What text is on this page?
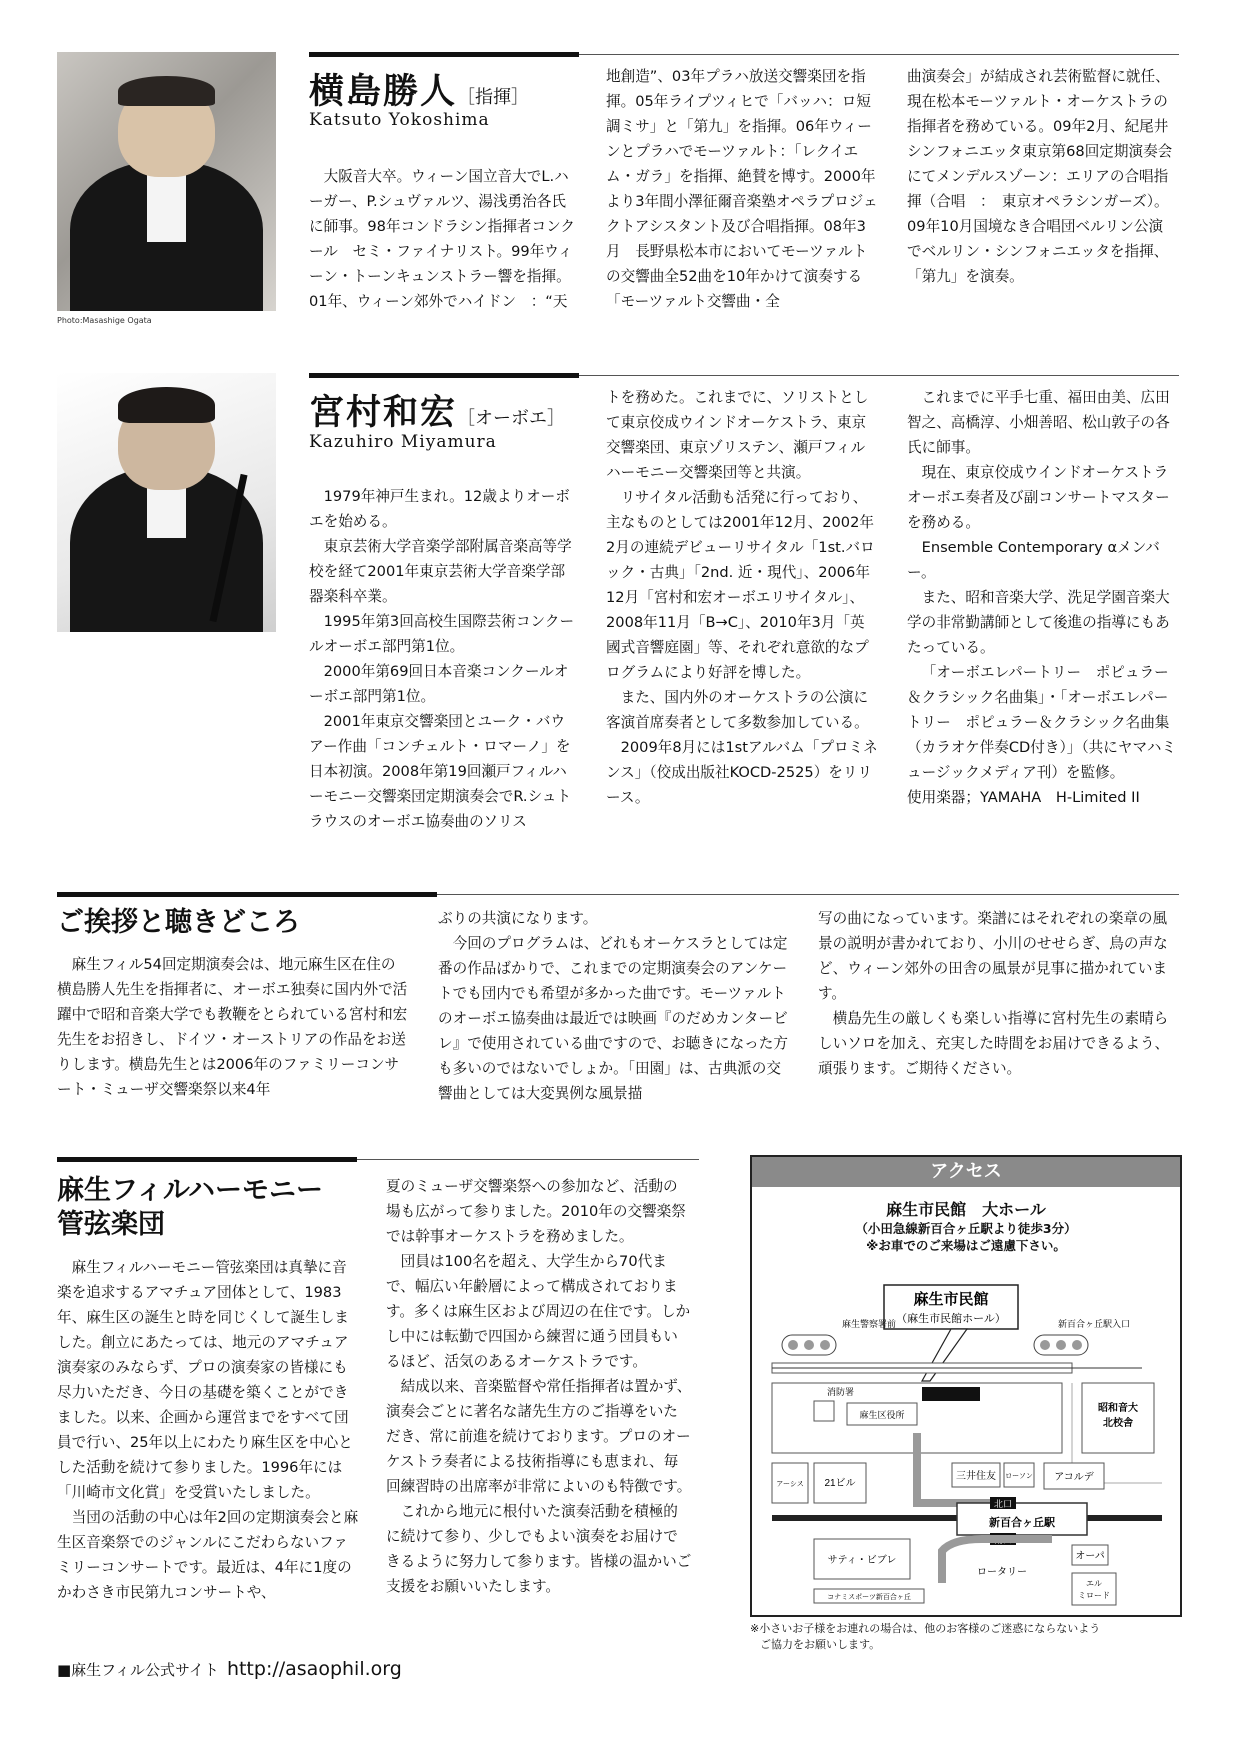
Photo:Masashige Ogata
横島勝人［指揮］
Katsuto Yokoshima

大阪音大卒。ウィーン国立音大でL.ハーガー、P.シュヴァルツ、湯浅勇治各氏に師事。98年コンドラシン指揮者コンクール　セミ・ファイナリスト。99年ウィーン・トーンキュンストラー響を指揮。01年、ウィーン郊外でハイドン　：“天

地創造”、03年プラハ放送交響楽団を指揮。05年ライプツィヒで「バッハ：ロ短調ミサ」と「第九」を指揮。06年ウィーンとプラハでモーツァルト：「レクイエム・ガラ」を指揮、絶賛を博す。2000年より3年間小澤征爾音楽塾オペラプロジェクトアシスタント及び合唱指揮。08年3月　長野県松本市においてモーツァルトの交響曲全52曲を10年かけて演奏する「モーツァルト交響曲・全

曲演奏会」が結成され芸術監督に就任、現在松本モーツァルト・オーケストラの指揮者を務めている。09年2月、紀尾井シンフォニエッタ東京第68回定期演奏会にてメンデルスゾーン：エリアの合唱指揮（合唱　：　東京オペラシンガーズ）。09年10月国境なき合唱団ベルリン公演でベルリン・シンフォニエッタを指揮、「第九」を演奏。

宮村和宏［オーボエ］
Kazuhiro Miyamura

1979年神戸生まれ。12歳よりオーボエを始める。

東京芸術大学音楽学部附属音楽高等学校を経て2001年東京芸術大学音楽学部器楽科卒業。

1995年第3回高校生国際芸術コンクールオーボエ部門第1位。

2000年第69回日本音楽コンクールオーボエ部門第1位。

2001年東京交響楽団とユーク・バウアー作曲「コンチェルト・ロマーノ」を日本初演。2008年第19回瀬戸フィルハーモニー交響楽団定期演奏会でR.シュトラウスのオーボエ協奏曲のソリス

トを務めた。これまでに、ソリストとして東京佼成ウインドオーケストラ、東京交響楽団、東京ゾリステン、瀬戸フィルハーモニー交響楽団等と共演。

リサイタル活動も活発に行っており、主なものとしては2001年12月、2002年2月の連続デビューリサイタル「1st.バロック・古典」「2nd. 近・現代」、2006年12月「宮村和宏オーボエリサイタル」、2008年11月「B→C」、2010年3月「英國式音響庭園」等、それぞれ意欲的なプログラムにより好評を博した。

また、国内外のオーケストラの公演に客演首席奏者として多数参加している。

2009年8月には1stアルバム「プロミネンス」（佼成出版社KOCD-2525）をリリース。

これまでに平手七重、福田由美、広田智之、高橋淳、小畑善昭、松山敦子の各氏に師事。

現在、東京佼成ウインドオーケストラオーボエ奏者及び副コンサートマスターを務める。

Ensemble Contemporary αメンバー。

また、昭和音楽大学、洗足学園音楽大学の非常勤講師として後進の指導にもあたっている。

「オーボエレパートリー　ポピュラー＆クラシック名曲集」・「オーボエレパートリー　ポピュラー＆クラシック名曲集（カラオケ伴奏CD付き）」（共にヤマハミュージックメディア刊）を監修。

使用楽器；YAMAHA　H-Limited II

ご挨拶と聴きどころ

麻生フィル54回定期演奏会は、地元麻生区在住の横島勝人先生を指揮者に、オーボエ独奏に国内外で活躍中で昭和音楽大学でも教鞭をとられている宮村和宏先生をお招きし、ドイツ・オーストリアの作品をお送りします。横島先生とは2006年のファミリーコンサート・ミューザ交響楽祭以来4年

ぶりの共演になります。

今回のプログラムは、どれもオーケスラとしては定番の作品ばかりで、これまでの定期演奏会のアンケートでも団内でも希望が多かった曲です。モーツァルトのオーボエ協奏曲は最近では映画『のだめカンタービレ』で使用されている曲ですので、お聴きになった方も多いのではないでしょか。「田園」は、古典派の交響曲としては大変異例な風景描

写の曲になっています。楽譜にはそれぞれの楽章の風景の説明が書かれており、小川のせせらぎ、鳥の声など、ウィーン郊外の田舎の風景が見事に描かれています。

横島先生の厳しくも楽しい指導に宮村先生の素晴らしいソロを加え、充実した時間をお届けできるよう、頑張ります。ご期待ください。

麻生フィルハーモニー
管弦楽団

麻生フィルハーモニー管弦楽団は真摯に音楽を追求するアマチュア団体として、1983年、麻生区の誕生と時を同じくして誕生しました。創立にあたっては、地元のアマチュア演奏家のみならず、プロの演奏家の皆様にも尽力いただき、今日の基礎を築くことができました。以来、企画から運営までをすべて団員で行い、25年以上にわたり麻生区を中心とした活動を続けて参りました。1996年には「川崎市文化賞」を受賞いたしました。

当団の活動の中心は年2回の定期演奏会と麻生区音楽祭でのジャンルにこだわらないファミリーコンサートです。最近は、4年に1度のかわさき市民第九コンサートや、

夏のミューザ交響楽祭への参加など、活動の場も広がって参りました。2010年の交響楽祭では幹事オーケストラを務めました。

団員は100名を超え、大学生から70代まで、幅広い年齢層によって構成されております。多くは麻生区および周辺の在住です。しかし中には転勤で四国から練習に通う団員もいるほど、活気のあるオーケストラです。

結成以来、音楽監督や常任指揮者は置かず、演奏会ごとに著名な諸先生方のご指導をいただき、常に前進を続けております。プロのオーケストラ奏者による技術指導にも恵まれ、毎回練習時の出席率が非常によいのも特徴です。

これから地元に根付いた演奏活動を積極的に続けて参り、少しでもよい演奏をお届けできるように努力して参ります。皆様の温かいご支援をお願いいたします。

■麻生フィル公式サイト http://asaophil.org
アクセス
麻生市民館　大ホール
（小田急線新百合ヶ丘駅より徒歩3分）
※お車でのご来場はご遠慮下さい。
麻生市民館
（麻生市民館ホール）
麻生警察署前	新百合ヶ丘駅入口
消防署
麻生区役所
昭和音大
北校舎
アーシス 21ビル
三井住友 ローソン アコルデ
北口
新百合ヶ丘駅
南口
サティ・ビブレ
ロータリー
オーパ
エル
ミロード
コナミスポーツ新百合ヶ丘
※小さいお子様をお連れの場合は、他のお客様のご迷惑にならないよう
ご協力をお願いします。
